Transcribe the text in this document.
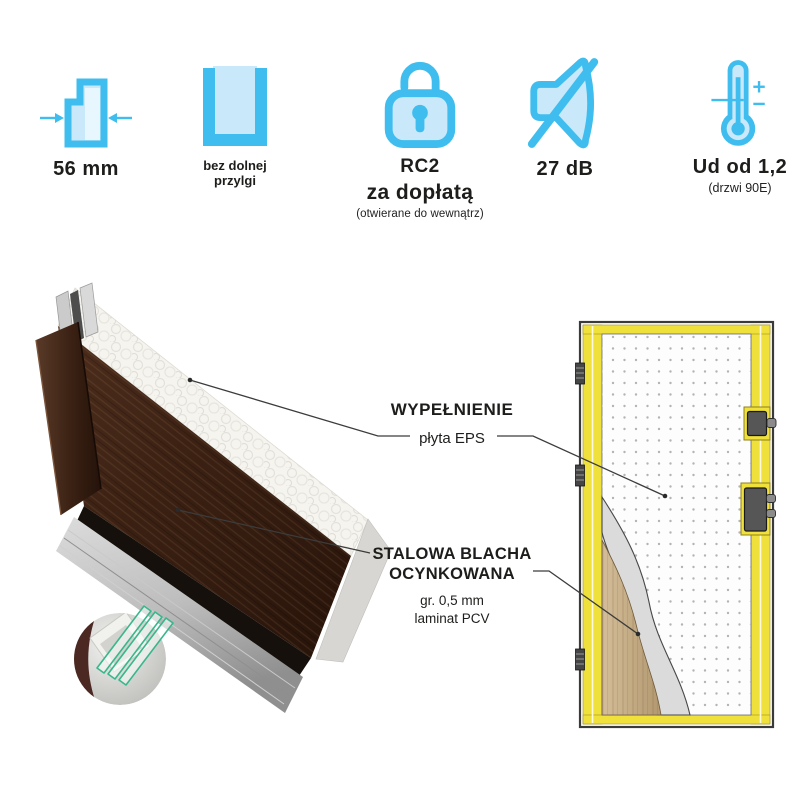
56 mm	bez dolnej
przylgi
RC2
za dopłatą
(otwierane do wewnątrz)
27 dB	Ud od 1,2
(drzwi 90E)
WYPEŁNIENIE
płyta EPS
STALOWA BLACHA
OCYNKOWANA
gr. 0,5 mm
laminat PCV
